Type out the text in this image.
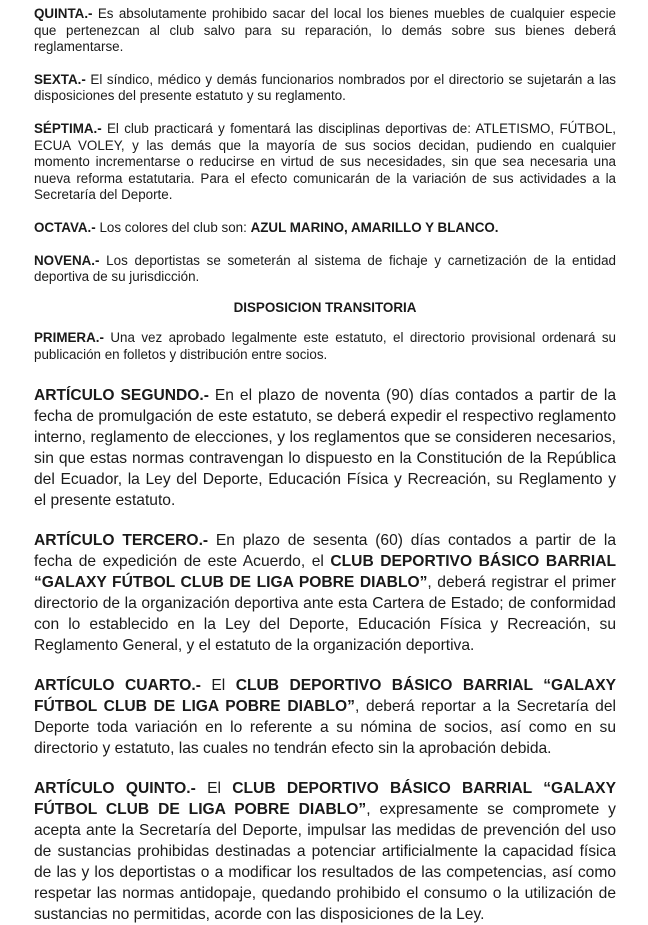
QUINTA.- Es absolutamente prohibido sacar del local los bienes muebles de cualquier especie que pertenezcan al club salvo para su reparación, lo demás sobre sus bienes deberá reglamentarse.

SEXTA.- El síndico, médico y demás funcionarios nombrados por el directorio se sujetarán a las disposiciones del presente estatuto y su reglamento.

SÉPTIMA.- El club practicará y fomentará las disciplinas deportivas de: ATLETISMO, FÚTBOL, ECUA VOLEY, y las demás que la mayoría de sus socios decidan, pudiendo en cualquier momento incrementarse o reducirse en virtud de sus necesidades, sin que sea necesaria una nueva reforma estatutaria. Para el efecto comunicarán de la variación de sus actividades a la Secretaría del Deporte.

OCTAVA.- Los colores del club son: AZUL MARINO, AMARILLO Y BLANCO.

NOVENA.- Los deportistas se someterán al sistema de fichaje y carnetización de la entidad deportiva de su jurisdicción.

DISPOSICION TRANSITORIA

PRIMERA.- Una vez aprobado legalmente este estatuto, el directorio provisional ordenará su publicación en folletos y distribución entre socios.

ARTÍCULO SEGUNDO.- En el plazo de noventa (90) días contados a partir de la fecha de promulgación de este estatuto, se deberá expedir el respectivo reglamento interno, reglamento de elecciones, y los reglamentos que se consideren necesarios, sin que estas normas contravengan lo dispuesto en la Constitución de la República del Ecuador, la Ley del Deporte, Educación Física y Recreación, su Reglamento y el presente estatuto.

ARTÍCULO TERCERO.- En plazo de sesenta (60) días contados a partir de la fecha de expedición de este Acuerdo, el CLUB DEPORTIVO BÁSICO BARRIAL “GALAXY FÚTBOL CLUB DE LIGA POBRE DIABLO”, deberá registrar el primer directorio de la organización deportiva ante esta Cartera de Estado; de conformidad con lo establecido en la Ley del Deporte, Educación Física y Recreación, su Reglamento General, y el estatuto de la organización deportiva.

ARTÍCULO CUARTO.- El CLUB DEPORTIVO BÁSICO BARRIAL “GALAXY FÚTBOL CLUB DE LIGA POBRE DIABLO”, deberá reportar a la Secretaría del Deporte toda variación en lo referente a su nómina de socios, así como en su directorio y estatuto, las cuales no tendrán efecto sin la aprobación debida.

ARTÍCULO QUINTO.- El CLUB DEPORTIVO BÁSICO BARRIAL “GALAXY FÚTBOL CLUB DE LIGA POBRE DIABLO”, expresamente se compromete y acepta ante la Secretaría del Deporte, impulsar las medidas de prevención del uso de sustancias prohibidas destinadas a potenciar artificialmente la capacidad física de las y los deportistas o a modificar los resultados de las competencias, así como respetar las normas antidopaje, quedando prohibido el consumo o la utilización de sustancias no permitidas, acorde con las disposiciones de la Ley.
